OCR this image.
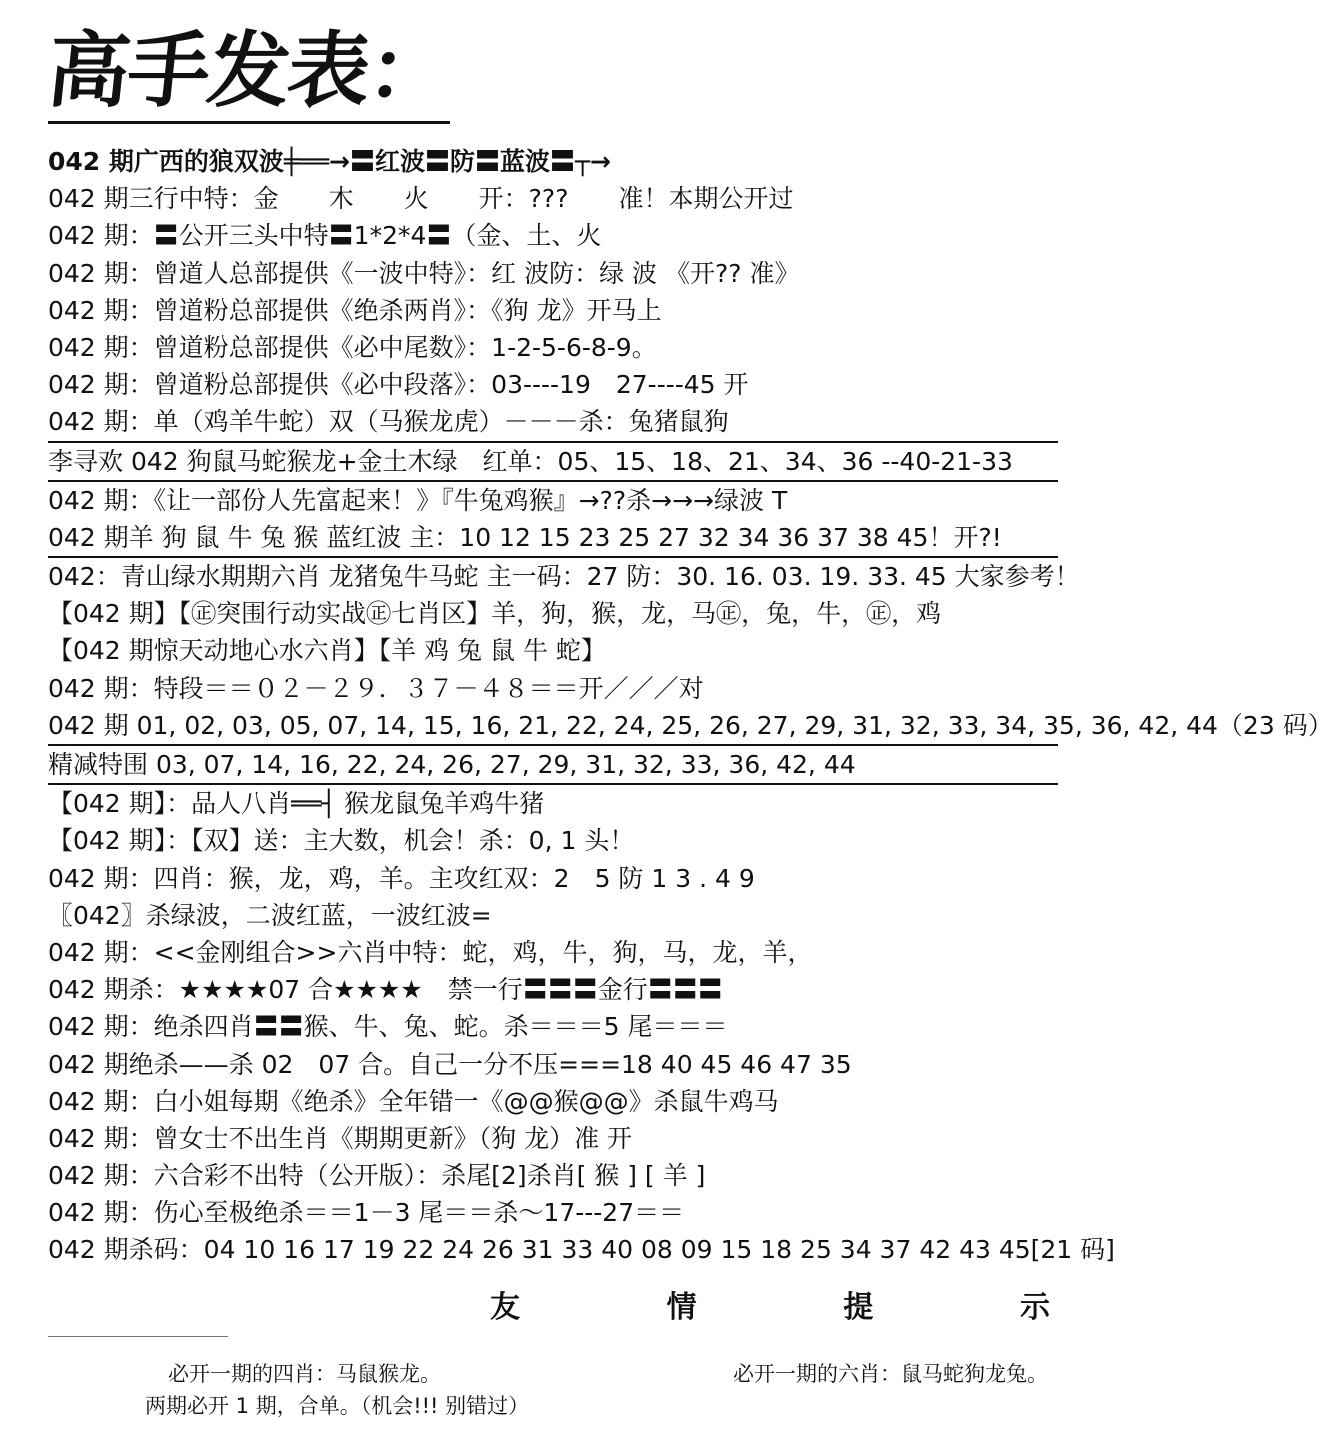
高手发表：
042 期广西的狼双波╪══→〓红波〓防〓蓝波〓┬→
042 期三行中特：金　　木　　火　　开：???　　准！本期公开过
042 期：〓公开三头中特〓1*2*4〓（金、土、火
042 期：曾道人总部提供《一波中特》：红 波防：绿 波 《开?? 准》
042 期：曾道粉总部提供《绝杀两肖》：《狗 龙》开马上
042 期：曾道粉总部提供《必中尾数》：1-2-5-6-8-9。
042 期：曾道粉总部提供《必中段落》：03----19　27----45 开
042 期：单（鸡羊牛蛇）双（马猴龙虎）－－－杀：兔猪鼠狗
李寻欢 042 狗鼠马蛇猴龙+金土木绿　红单：05、15、18、21、34、36 --40-21-33
042 期：《让一部份人先富起来！》『牛兔鸡猴』→??杀→→→绿波 T
042 期羊 狗 鼠 牛 兔 猴 蓝红波 主：10 12 15 23 25 27 32 34 36 37 38 45！开?!
042：青山绿水期期六肖 龙猪兔牛马蛇 主一码：27 防：30. 16. 03. 19. 33. 45 大家参考！
【042 期】【㊣突围行动实战㊣七肖区】羊，狗，猴，龙，马㊣，兔，牛，㊣，鸡
【042 期惊天动地心水六肖】【羊 鸡 兔 鼠 牛 蛇】
042 期：特段＝＝０２－２９．３７－４８＝＝开／／／对
042 期 01, 02, 03, 05, 07, 14, 15, 16, 21, 22, 24, 25, 26, 27, 29, 31, 32, 33, 34, 35, 36, 42, 44（23 码）
精减特围 03, 07, 14, 16, 22, 24, 26, 27, 29, 31, 32, 33, 36, 42, 44
【042 期】：品人八肖══┤ 猴龙鼠兔羊鸡牛猪
【042 期】：【双】送：主大数，机会！杀：0, 1 头！
042 期：四肖：猴，龙，鸡，羊。主攻红双：2　5 防 1 3 . 4 9
〖042〗杀绿波，二波红蓝，一波红波=
042 期：<<金刚组合>>六肖中特：蛇，鸡，牛，狗，马，龙，羊，
042 期杀：★★★★07 合★★★★　禁一行〓〓〓金行〓〓〓
042 期：绝杀四肖〓〓猴、牛、兔、蛇。杀＝＝＝5 尾＝＝＝
042 期绝杀——杀 02　07 合。自己一分不压===18 40 45 46 47 35
042 期：白小姐每期《绝杀》全年错一《@@猴@@》杀鼠牛鸡马
042 期：曾女士不出生肖《期期更新》（狗 龙）准 开
042 期：六合彩不出特（公开版）：杀尾[2]杀肖[ 猴 ] [ 羊 ]
042 期：伤心至极绝杀＝＝1－3 尾＝＝杀～17---27＝＝
042 期杀码：04 10 16 17 19 22 24 26 31 33 40 08 09 15 18 25 34 37 42 43 45[21 码]
友	情	提	示
必开一期的四肖：马鼠猴龙。	必开一期的六肖：鼠马蛇狗龙兔。
两期必开 1 期，合单。（机会!!! 别错过）
